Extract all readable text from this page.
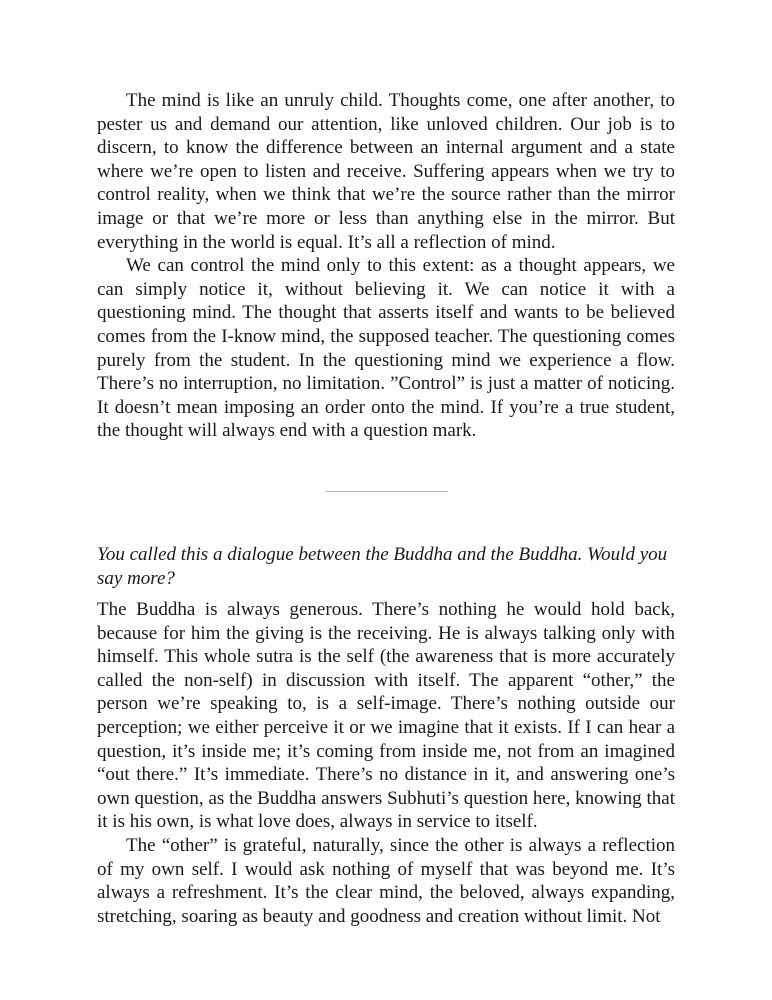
The mind is like an unruly child. Thoughts come, one after another, to pester us and demand our attention, like unloved children. Our job is to discern, to know the difference between an internal argument and a state where we’re open to listen and receive. Suffering appears when we try to control reality, when we think that we’re the source rather than the mirror image or that we’re more or less than anything else in the mirror. But everything in the world is equal. It’s all a reflection of mind.

We can control the mind only to this extent: as a thought appears, we can simply notice it, without believing it. We can notice it with a questioning mind. The thought that asserts itself and wants to be believed comes from the I-know mind, the supposed teacher. The questioning comes purely from the student. In the questioning mind we experience a flow. There’s no interruption, no limitation. ”Control” is just a matter of noticing. It doesn’t mean imposing an order onto the mind. If you’re a true student, the thought will always end with a question mark.

You called this a dialogue between the Buddha and the Buddha. Would you say more?

The Buddha is always generous. There’s nothing he would hold back, because for him the giving is the receiving. He is always talking only with himself. This whole sutra is the self (the awareness that is more accurately called the non-self) in discussion with itself. The apparent “other,” the person we’re speaking to, is a self-image. There’s nothing outside our perception; we either perceive it or we imagine that it exists. If I can hear a question, it’s inside me; it’s coming from inside me, not from an imagined “out there.” It’s immediate. There’s no distance in it, and answering one’s own question, as the Buddha answers Subhuti’s question here, knowing that it is his own, is what love does, always in service to itself.

The “other” is grateful, naturally, since the other is always a reflection of my own self. I would ask nothing of myself that was beyond me. It’s always a refreshment. It’s the clear mind, the beloved, always expanding, stretching, soaring as beauty and goodness and creation without limit. Not
